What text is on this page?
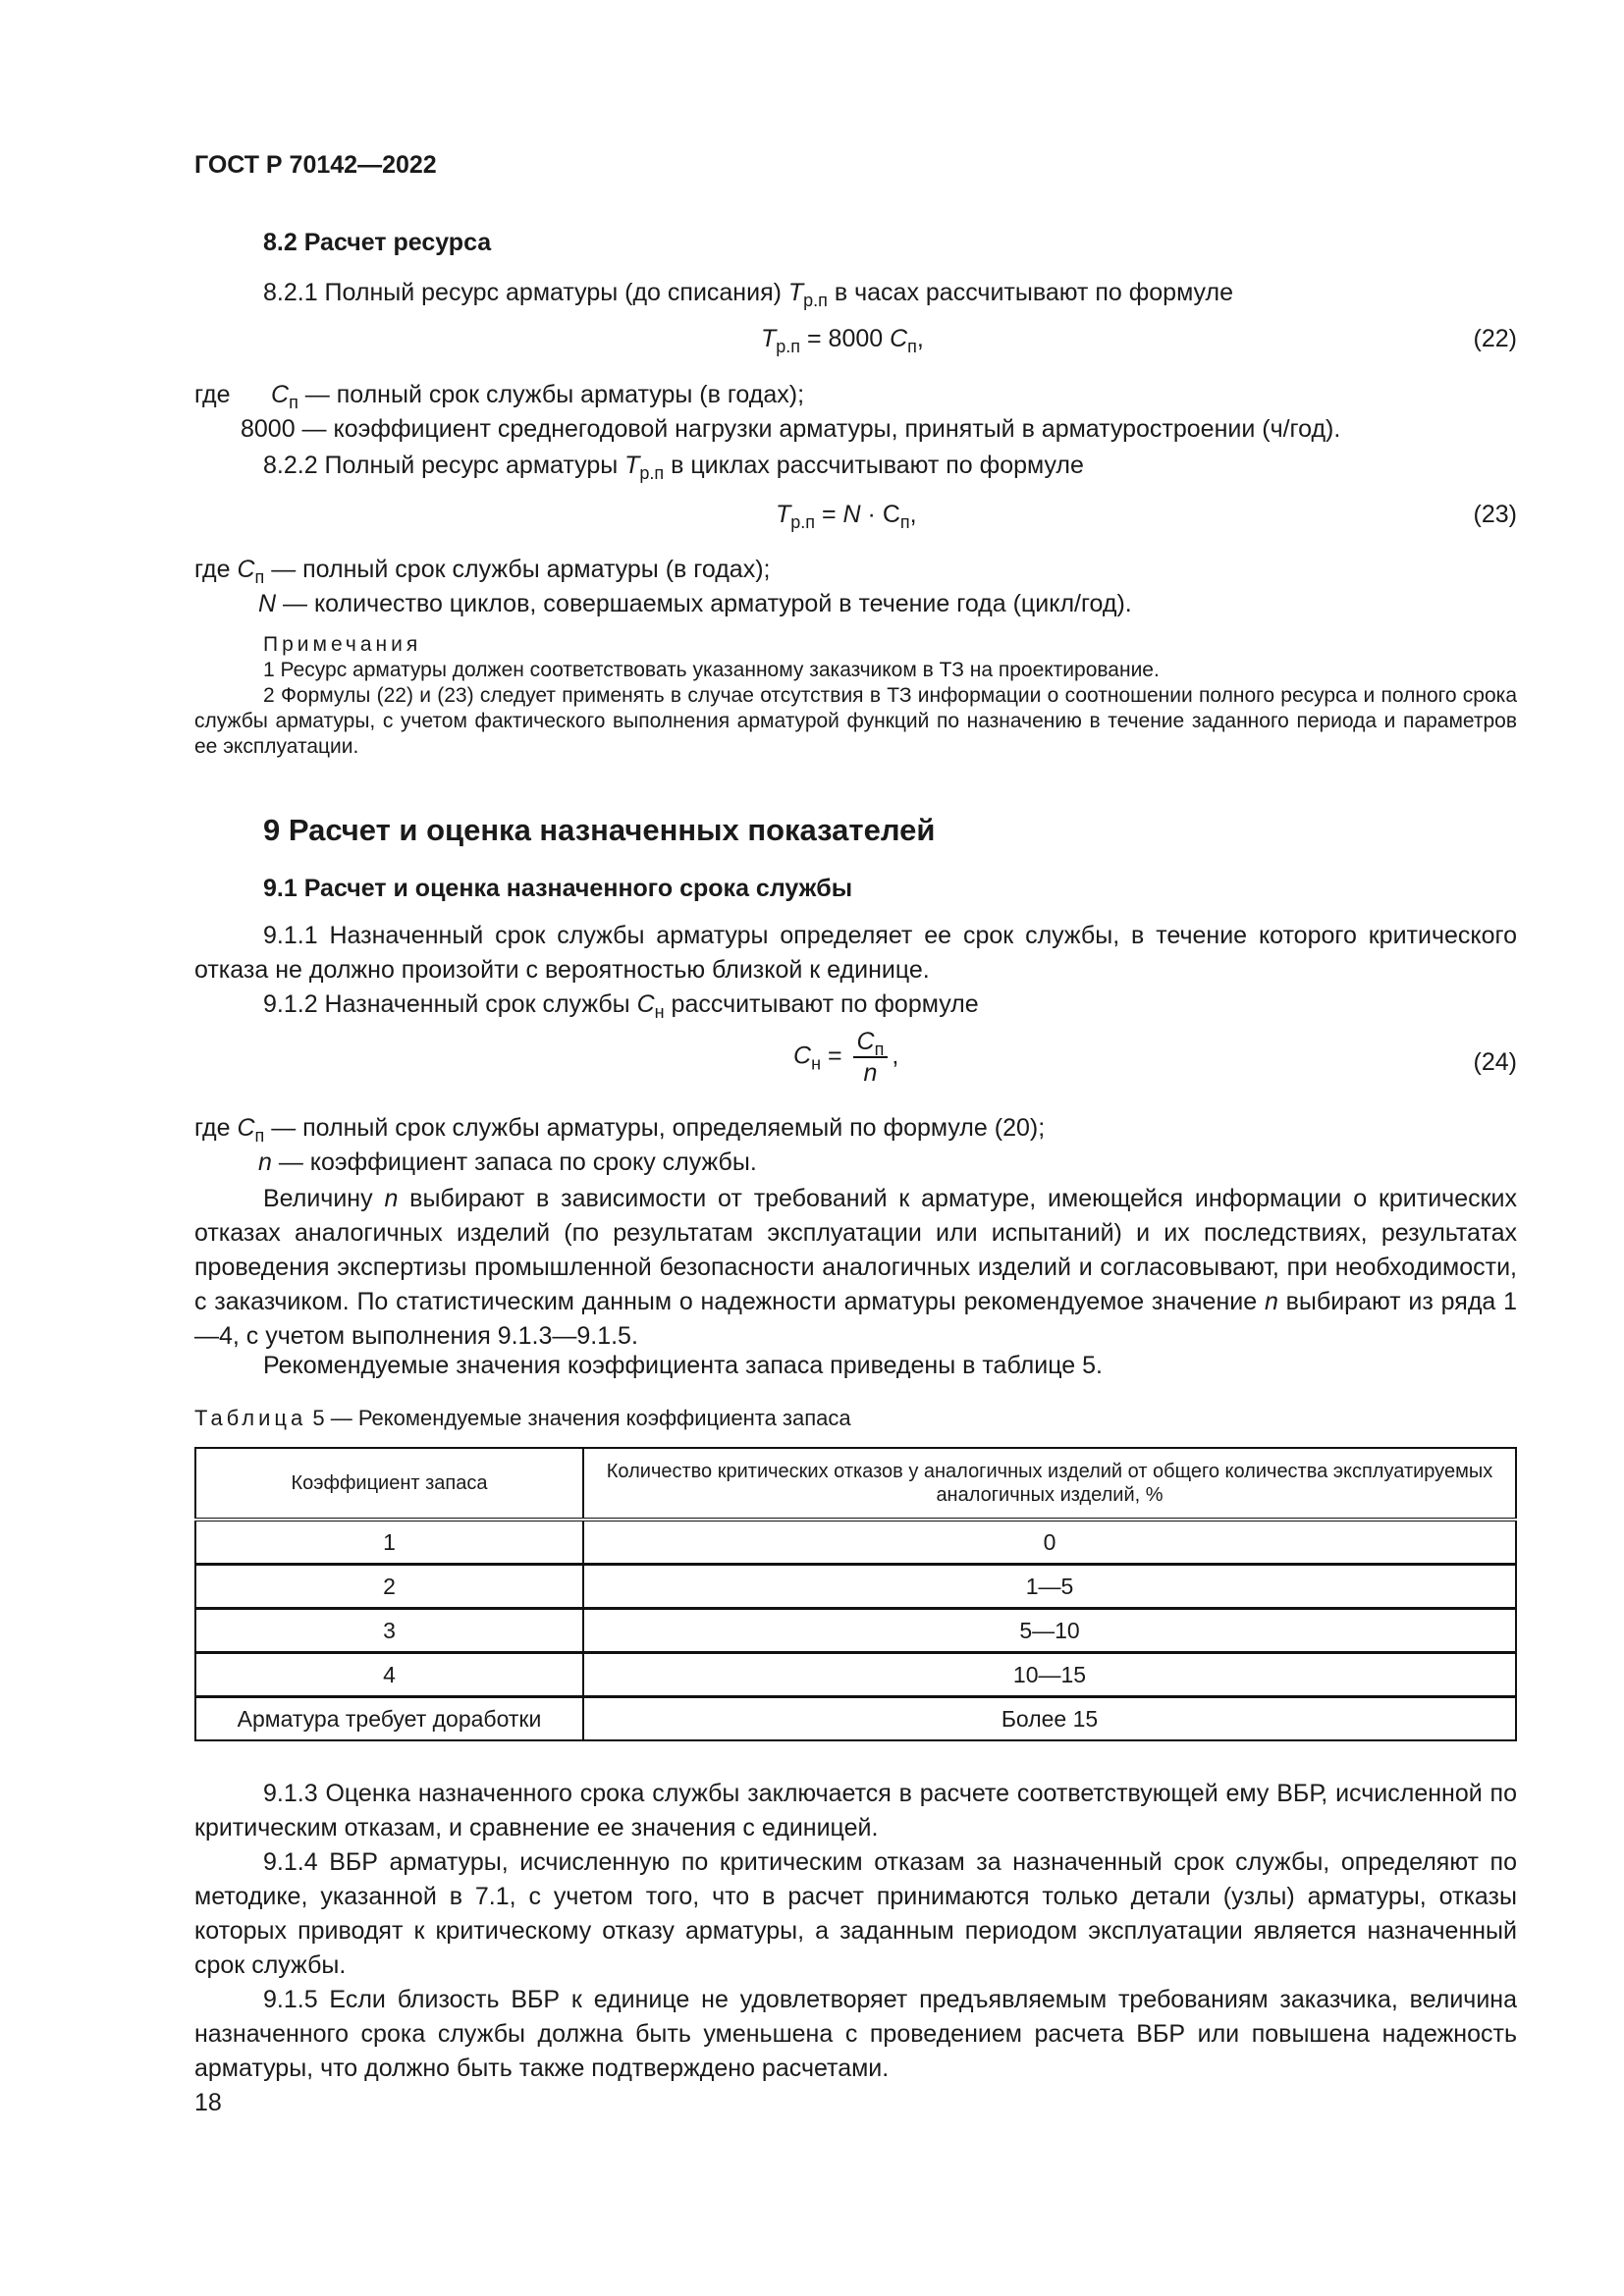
ГОСТ Р 70142—2022
8.2 Расчет ресурса
8.2.1 Полный ресурс арматуры (до списания) $T_{р.п}$ в часах рассчитывают по формуле
$T_{р.п} = 8000$ $C_п$,	(22)
где $C_п$ — полный срок службы арматуры (в годах);
8000 — коэффициент среднегодовой нагрузки арматуры, принятый в арматуростроении (ч/год).
8.2.2 Полный ресурс арматуры $T_{р.п}$ в циклах рассчитывают по формуле
$T_{р.п} = N \cdot C_п$,	(23)
где $C_п$ — полный срок службы арматуры (в годах);
N — количество циклов, совершаемых арматурой в течение года (цикл/год).
Примечания
1 Ресурс арматуры должен соответствовать указанному заказчиком в ТЗ на проектирование.
2 Формулы (22) и (23) следует применять в случае отсутствия в ТЗ информации о соотношении полного ресурса и полного срока службы арматуры, с учетом фактического выполнения арматурой функций по назначению в течение заданного периода и параметров ее эксплуатации.
9 Расчет и оценка назначенных показателей
9.1 Расчет и оценка назначенного срока службы
9.1.1 Назначенный срок службы арматуры определяет ее срок службы, в течение которого критического отказа не должно произойти с вероятностью близкой к единице.
9.1.2 Назначенный срок службы $C_н$ рассчитывают по формуле
$C_н = \frac{C_п}{n}$ ,	(24)
где $C_п$ — полный срок службы арматуры, определяемый по формуле (20);
n — коэффициент запаса по сроку службы.
Величину n выбирают в зависимости от требований к арматуре, имеющейся информации о критических отказах аналогичных изделий (по результатам эксплуатации или испытаний) и их последствиях, результатах проведения экспертизы промышленной безопасности аналогичных изделий и согласовывают, при необходимости, с заказчиком. По статистическим данным о надежности арматуры рекомендуемое значение n выбирают из ряда 1—4, с учетом выполнения 9.1.3—9.1.5.
Рекомендуемые значения коэффициента запаса приведены в таблице 5.
Таблица 5 — Рекомендуемые значения коэффициента запаса
Коэффициент запаса	Количество критических отказов у аналогичных изделий от общего количества эксплуатируемых аналогичных изделий, %
1	0
2	1—5
3	5—10
4	10—15
Арматура требует доработки	Более 15
9.1.3 Оценка назначенного срока службы заключается в расчете соответствующей ему ВБР, исчисленной по критическим отказам, и сравнение ее значения с единицей.
9.1.4 ВБР арматуры, исчисленную по критическим отказам за назначенный срок службы, определяют по методике, указанной в 7.1, с учетом того, что в расчет принимаются только детали (узлы) арматуры, отказы которых приводят к критическому отказу арматуры, а заданным периодом эксплуатации является назначенный срок службы.
9.1.5 Если близость ВБР к единице не удовлетворяет предъявляемым требованиям заказчика, величина назначенного срока службы должна быть уменьшена с проведением расчета ВБР или повышена надежность арматуры, что должно быть также подтверждено расчетами.
18
